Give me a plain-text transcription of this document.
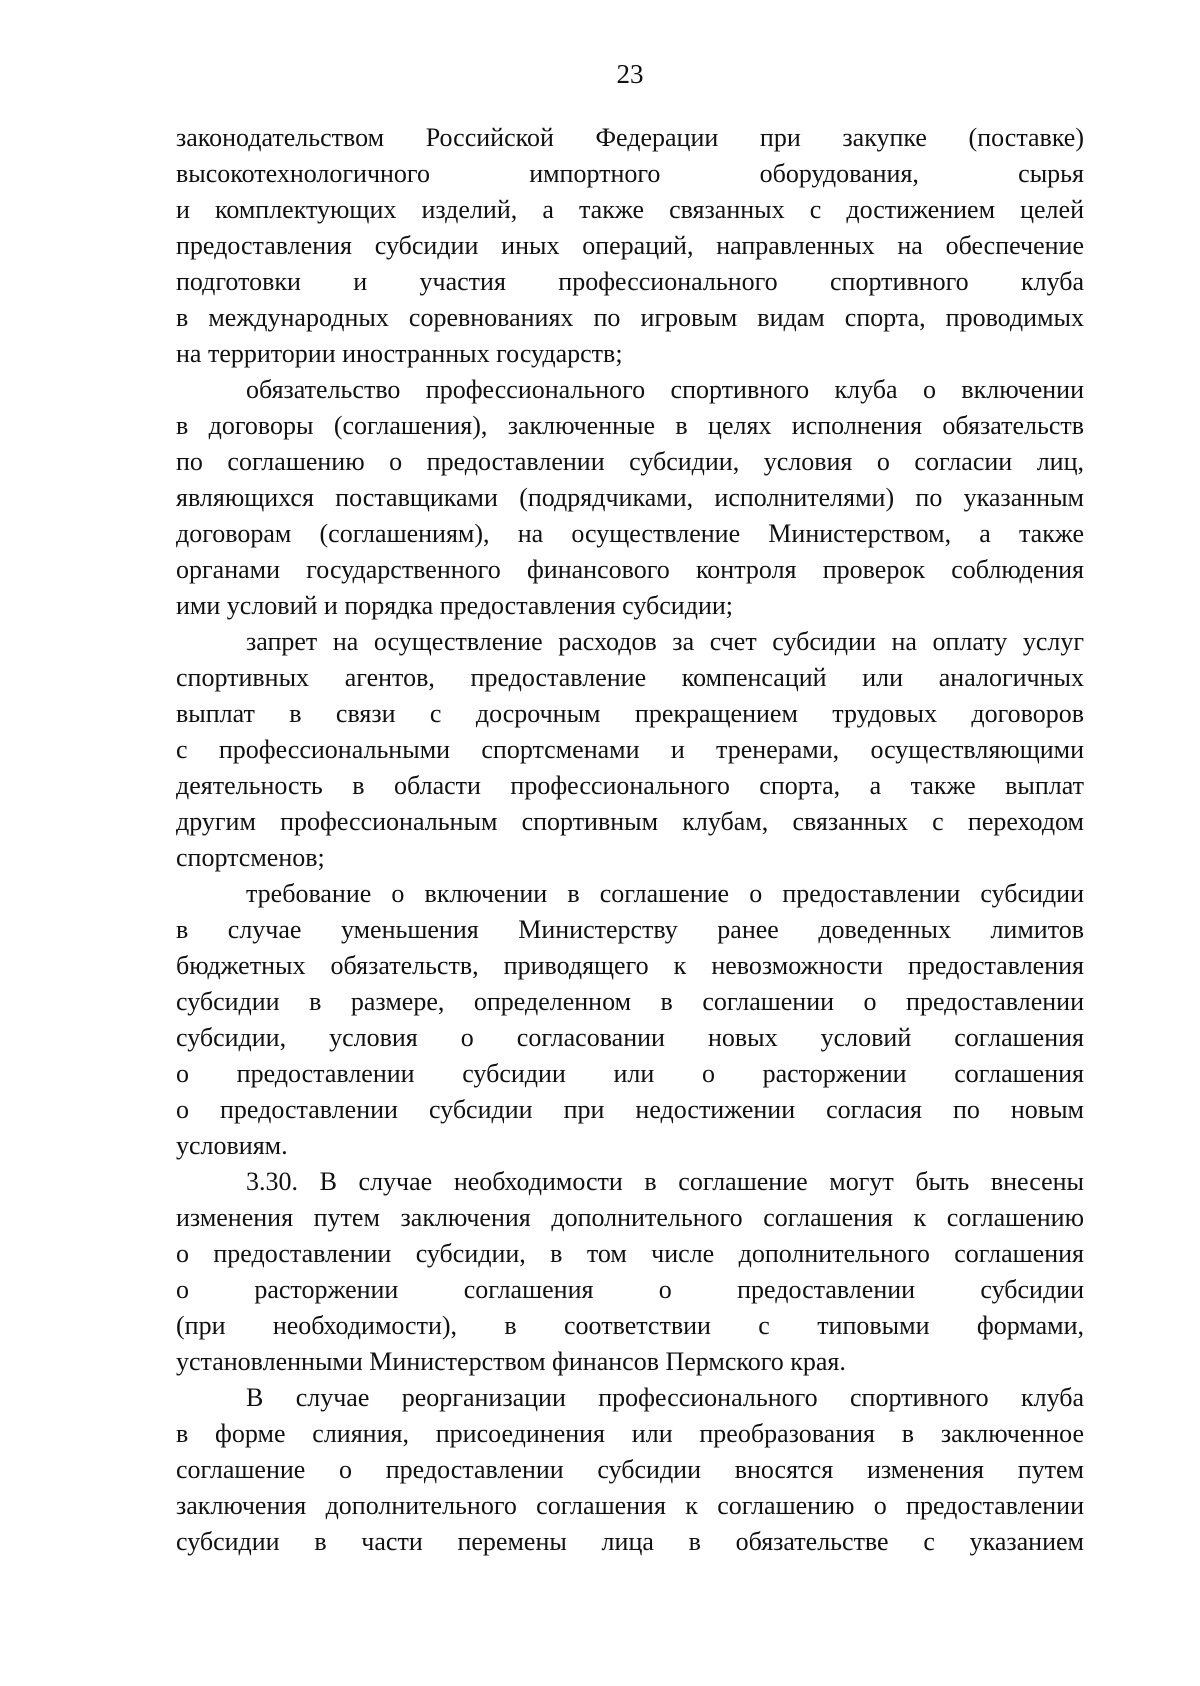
23
законодательством Российской Федерации при закупке (поставке)
высокотехнологичного импортного оборудования, сырья
и комплектующих изделий, а также связанных с достижением целей
предоставления субсидии иных операций, направленных на обеспечение
подготовки и участия профессионального спортивного клуба
в международных соревнованиях по игровым видам спорта, проводимых
на территории иностранных государств;
обязательство профессионального спортивного клуба о включении
в договоры (соглашения), заключенные в целях исполнения обязательств
по соглашению о предоставлении субсидии, условия о согласии лиц,
являющихся поставщиками (подрядчиками, исполнителями) по указанным
договорам (соглашениям), на осуществление Министерством, а также
органами государственного финансового контроля проверок соблюдения
ими условий и порядка предоставления субсидии;
запрет на осуществление расходов за счет субсидии на оплату услуг
спортивных агентов, предоставление компенсаций или аналогичных
выплат в связи с досрочным прекращением трудовых договоров
с профессиональными спортсменами и тренерами, осуществляющими
деятельность в области профессионального спорта, а также выплат
другим профессиональным спортивным клубам, связанных с переходом
спортсменов;
требование о включении в соглашение о предоставлении субсидии
в случае уменьшения Министерству ранее доведенных лимитов
бюджетных обязательств, приводящего к невозможности предоставления
субсидии в размере, определенном в соглашении о предоставлении
субсидии, условия о согласовании новых условий соглашения
о предоставлении субсидии или о расторжении соглашения
о предоставлении субсидии при недостижении согласия по новым
условиям.
3.30. В случае необходимости в соглашение могут быть внесены
изменения путем заключения дополнительного соглашения к соглашению
о предоставлении субсидии, в том числе дополнительного соглашения
о расторжении соглашения о предоставлении субсидии
(при необходимости), в соответствии с типовыми формами,
установленными Министерством финансов Пермского края.
В случае реорганизации профессионального спортивного клуба
в форме слияния, присоединения или преобразования в заключенное
соглашение о предоставлении субсидии вносятся изменения путем
заключения дополнительного соглашения к соглашению о предоставлении
субсидии в части перемены лица в обязательстве с указанием
